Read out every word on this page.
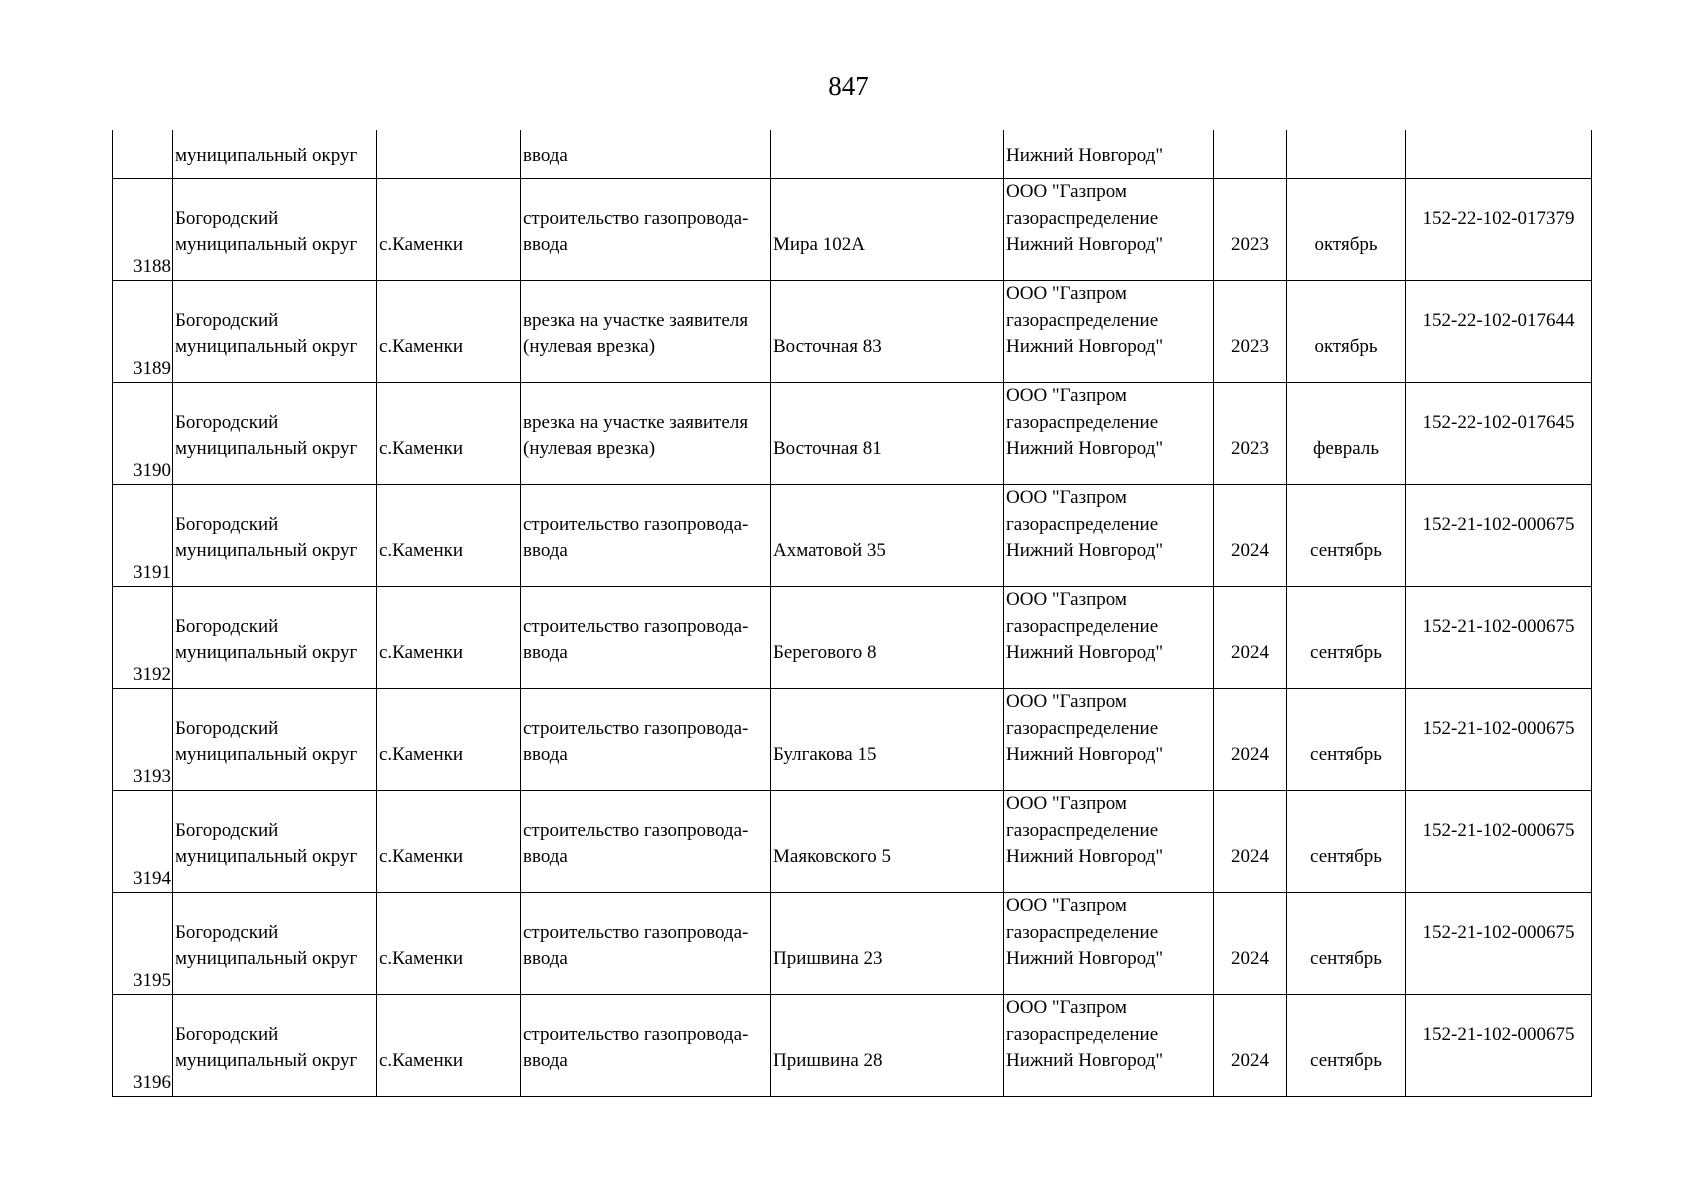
847

	муниципальный округ		ввода		Нижний Новгород"			

3188	Богородский
муниципальный округ	с.Каменки	строительство газопровода-
ввода	Мира 102А	ООО "Газпром
газораспределение
Нижний Новгород"	2023	октябрь	152-22-102-017379

3189	Богородский
муниципальный округ	с.Каменки	врезка на участке заявителя
(нулевая врезка)	Восточная 83	ООО "Газпром
газораспределение
Нижний Новгород"	2023	октябрь	152-22-102-017644

3190	Богородский
муниципальный округ	с.Каменки	врезка на участке заявителя
(нулевая врезка)	Восточная 81	ООО "Газпром
газораспределение
Нижний Новгород"	2023	февраль	152-22-102-017645

3191	Богородский
муниципальный округ	с.Каменки	строительство газопровода-
ввода	Ахматовой 35	ООО "Газпром
газораспределение
Нижний Новгород"	2024	сентябрь	152-21-102-000675

3192	Богородский
муниципальный округ	с.Каменки	строительство газопровода-
ввода	Берегового 8	ООО "Газпром
газораспределение
Нижний Новгород"	2024	сентябрь	152-21-102-000675

3193	Богородский
муниципальный округ	с.Каменки	строительство газопровода-
ввода	Булгакова 15	ООО "Газпром
газораспределение
Нижний Новгород"	2024	сентябрь	152-21-102-000675

3194	Богородский
муниципальный округ	с.Каменки	строительство газопровода-
ввода	Маяковского 5	ООО "Газпром
газораспределение
Нижний Новгород"	2024	сентябрь	152-21-102-000675

3195	Богородский
муниципальный округ	с.Каменки	строительство газопровода-
ввода	Пришвина 23	ООО "Газпром
газораспределение
Нижний Новгород"	2024	сентябрь	152-21-102-000675

3196	Богородский
муниципальный округ	с.Каменки	строительство газопровода-
ввода	Пришвина 28	ООО "Газпром
газораспределение
Нижний Новгород"	2024	сентябрь	152-21-102-000675
